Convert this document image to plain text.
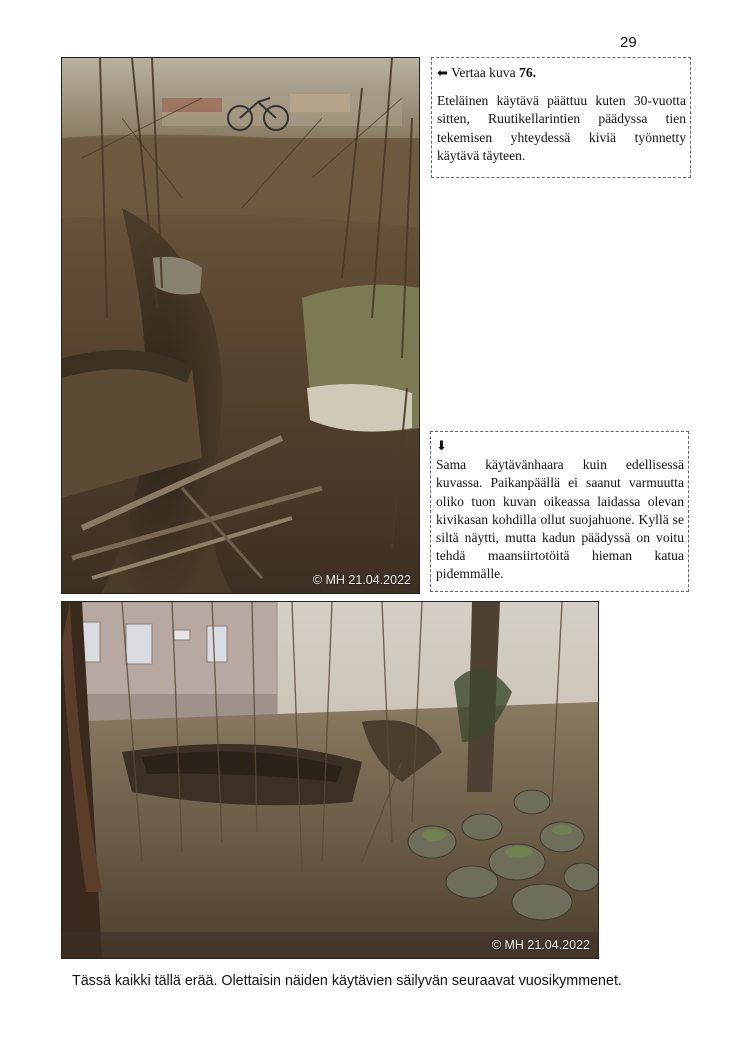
29
© MH 21.04.2022
⬅ Vertaa kuva 76.
Eteläinen käytävä päättuu kuten 30-vuotta sitten, Ruutikellarintien päädyssa tien tekemisen yhteydessä kiviä työnnetty käytävä täyteen.
⬇
Sama käytävänhaara kuin edellisessä kuvassa. Paikanpäällä ei saanut varmuutta oliko tuon kuvan oikeassa laidassa olevan kivikasan kohdilla ollut suojahuone. Kyllä se siltä näytti, mutta kadun päädyssä on voitu tehdä maansiirtotöitä hieman katua pidemmälle.
© MH 21.04.2022
Tässä kaikki tällä erää. Olettaisin näiden käytävien säilyvän seuraavat vuosikymmenet.
